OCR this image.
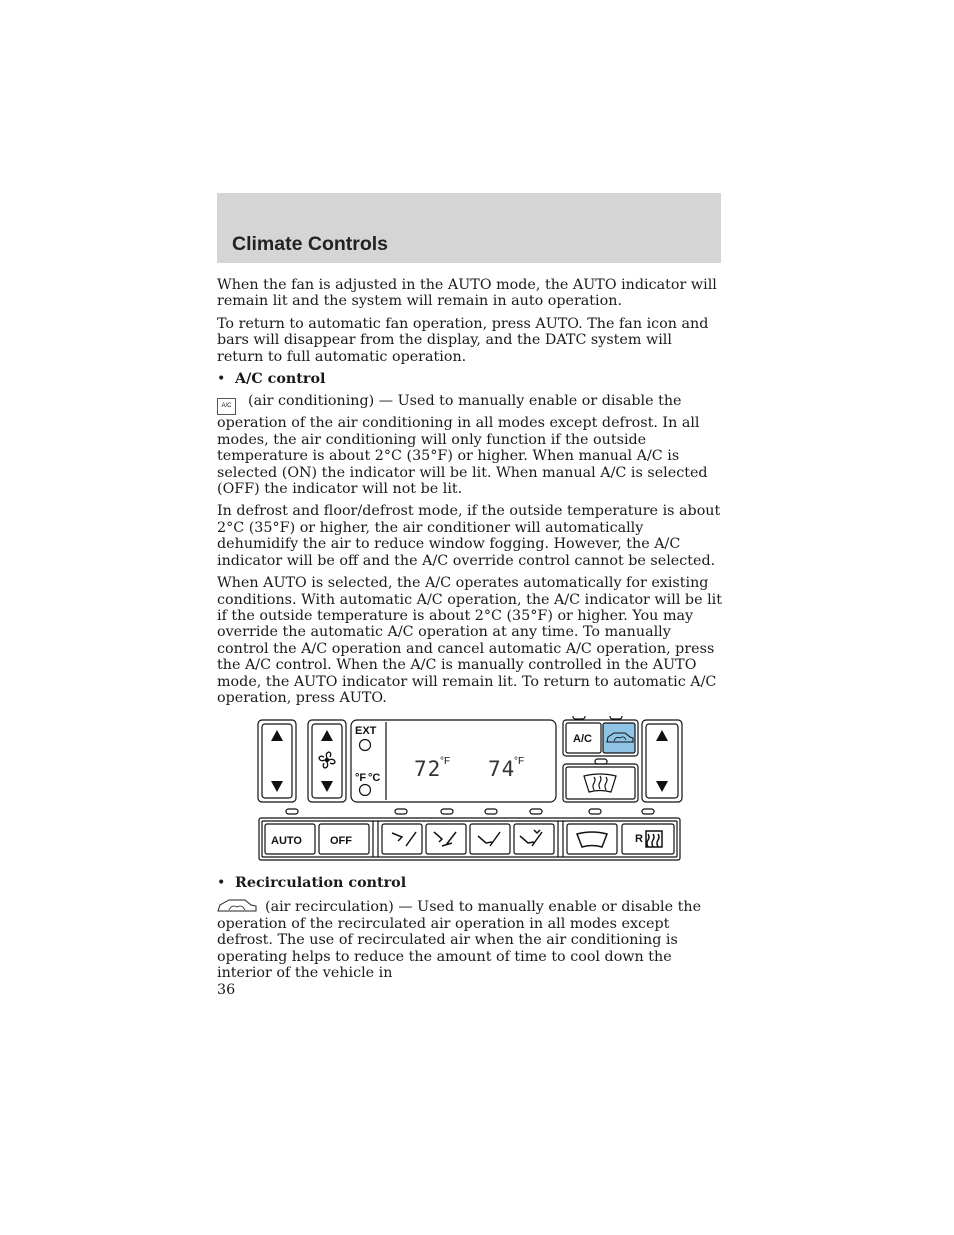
Climate Controls

When the fan is adjusted in the AUTO mode, the AUTO indicator will remain lit and the system will remain in auto operation.

To return to automatic fan operation, press AUTO. The fan icon and bars will disappear from the display, and the DATC system will return to full automatic operation.

• A/C control

A/C (air conditioning) — Used to manually enable or disable the operation of the air conditioning in all modes except defrost. In all modes, the air conditioning will only function if the outside temperature is about 2°C (35°F) or higher. When manual A/C is selected (ON) the indicator will be lit. When manual A/C is selected (OFF) the indicator will not be lit.

In defrost and floor/defrost mode, if the outside temperature is about 2°C (35°F) or higher, the air conditioner will automatically dehumidify the air to reduce window fogging. However, the A/C indicator will be off and the A/C override control cannot be selected.

When AUTO is selected, the A/C operates automatically for existing conditions. With automatic A/C operation, the A/C indicator will be lit if the outside temperature is about 2°C (35°F) or higher. You may override the automatic A/C operation at any time. To manually control the A/C operation and cancel automatic A/C operation, press the A/C control. When the A/C is manually controlled in the AUTO mode, the AUTO indicator will remain lit. To return to automatic A/C operation, press AUTO.

EXT
°F °C 72
°F 74
°F
A/C
AUTO	OFF	R
• Recirculation control

(air recirculation) — Used to manually enable or disable the operation of the recirculated air operation in all modes except defrost. The use of recirculated air when the air conditioning is operating helps to reduce the amount of time to cool down the interior of the vehicle in

36
